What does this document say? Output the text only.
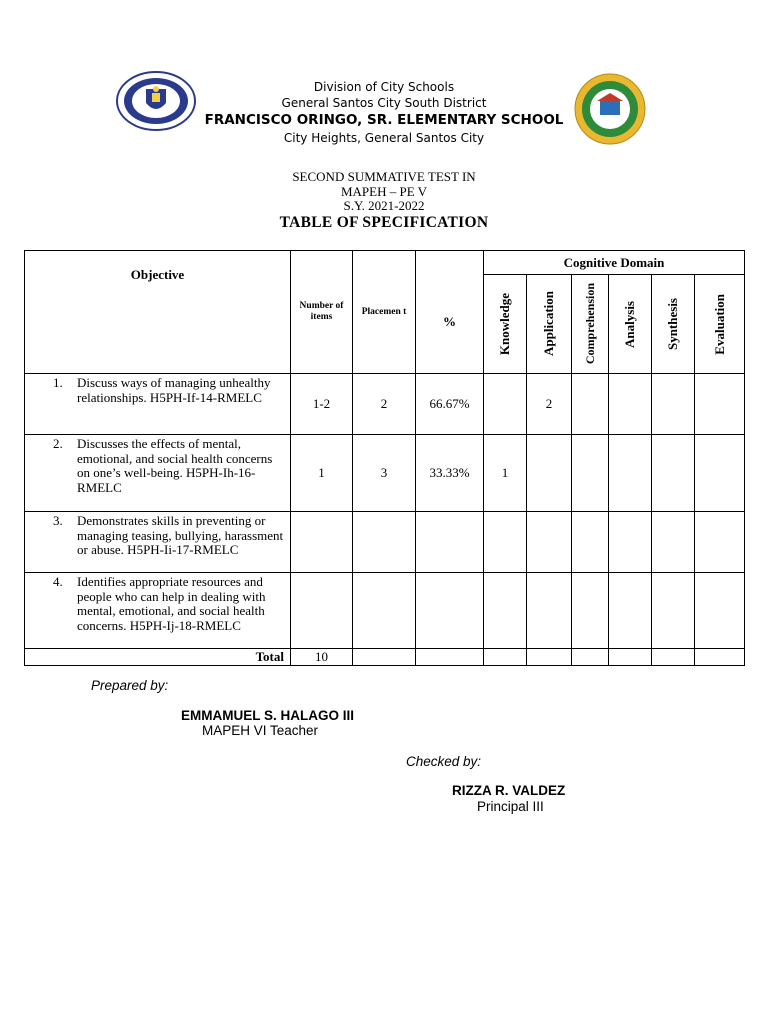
Division of City Schools
General Santos City South District
FRANCISCO ORINGO, SR. ELEMENTARY SCHOOL
City Heights, General Santos City
SECOND SUMMATIVE TEST IN
MAPEH – PE V
S.Y. 2021-2022
TABLE OF SPECIFICATION
Objective	Number of items	Placemen t	%	Cognitive Domain					

				Knowledge	Application	Comprehension	Analysis	Synthesis	Evaluation

1. Discuss ways of managing unhealthy relationships. H5PH-If-14-RMELC	1-2	2	66.67%		2				

2. Discusses the effects of mental, emotional, and social health concerns on one’s well-being. H5PH-Ih-16-RMELC	1	3	33.33%	1					

3. Demonstrates skills in preventing or managing teasing, bullying, harassment or abuse. H5PH-Ii-17-RMELC									

4. Identifies appropriate resources and people who can help in dealing with mental, emotional, and social health concerns. H5PH-Ij-18-RMELC									

Total	10								
Prepared by:
EMMAMUEL S. HALAGO III
MAPEH VI Teacher
Checked by:
RIZZA R. VALDEZ
Principal III
